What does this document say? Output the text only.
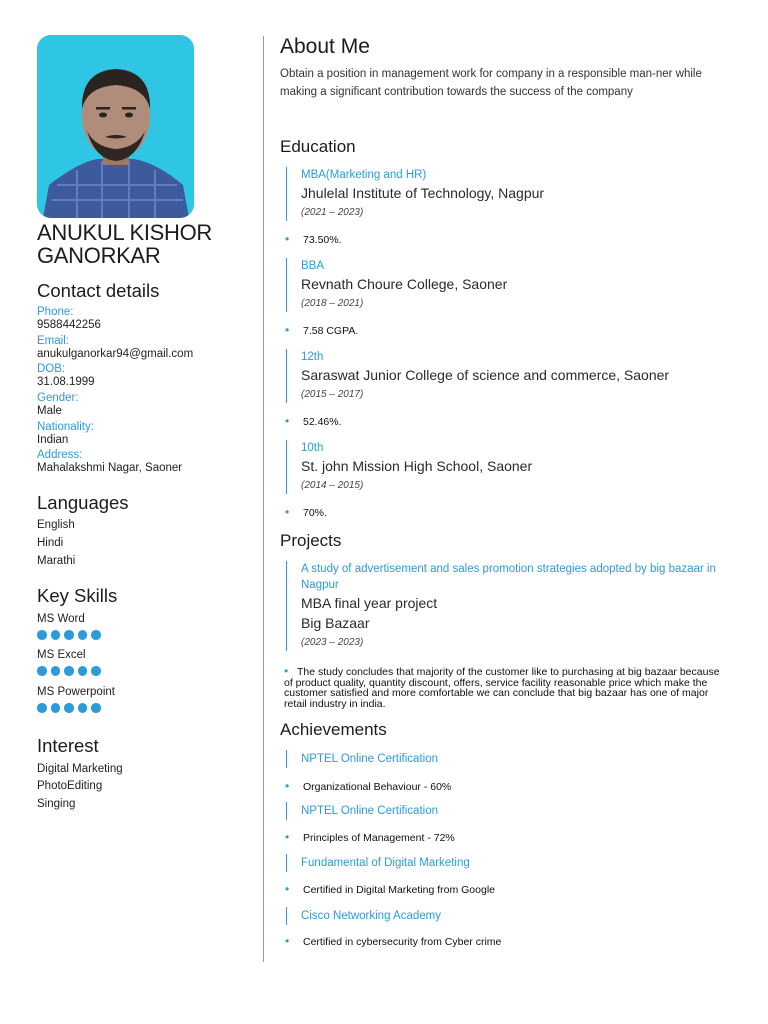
ANUKUL KISHOR GANORKAR
Contact details
Phone:
9588442256
Email:
anukulganorkar94@gmail.com
DOB:
31.08.1999
Gender:
Male
Nationality:
Indian
Address:
Mahalakshmi Nagar, Saoner
Languages
English
Hindi
Marathi
Key Skills
MS Word
MS Excel
MS Powerpoint
Interest
Digital Marketing
PhotoEditing
Singing
About Me
Obtain a position in management work for company in a responsible man-ner while making a significant contribution towards the success of the company
Education
MBA(Marketing and HR)
Jhulelal Institute of Technology, Nagpur
(2021 – 2023)
• 73.50%.
BBA
Revnath Choure College, Saoner
(2018 – 2021)
• 7.58 CGPA.
12th
Saraswat Junior College of science and commerce, Saoner
(2015 – 2017)
• 52.46%.
10th
St. john Mission High School, Saoner
(2014 – 2015)
• 70%.
Projects
A study of advertisement and sales promotion strategies adopted by big bazaar in Nagpur
MBA final year project
Big Bazaar
(2023 – 2023)
• The study concludes that majority of the customer like to purchasing at big bazaar because of product quality, quantity discount, offers, service facility reasonable price which make the customer satisfied and more comfortable we can conclude that big bazaar has one of major retail industry in india.
Achievements
NPTEL Online Certification
• Organizational Behaviour - 60%
NPTEL Online Certification
• Principles of Management - 72%
Fundamental of Digital Marketing
• Certified in Digital Marketing from Google
Cisco Networking Academy
• Certified in cybersecurity from Cyber crime
